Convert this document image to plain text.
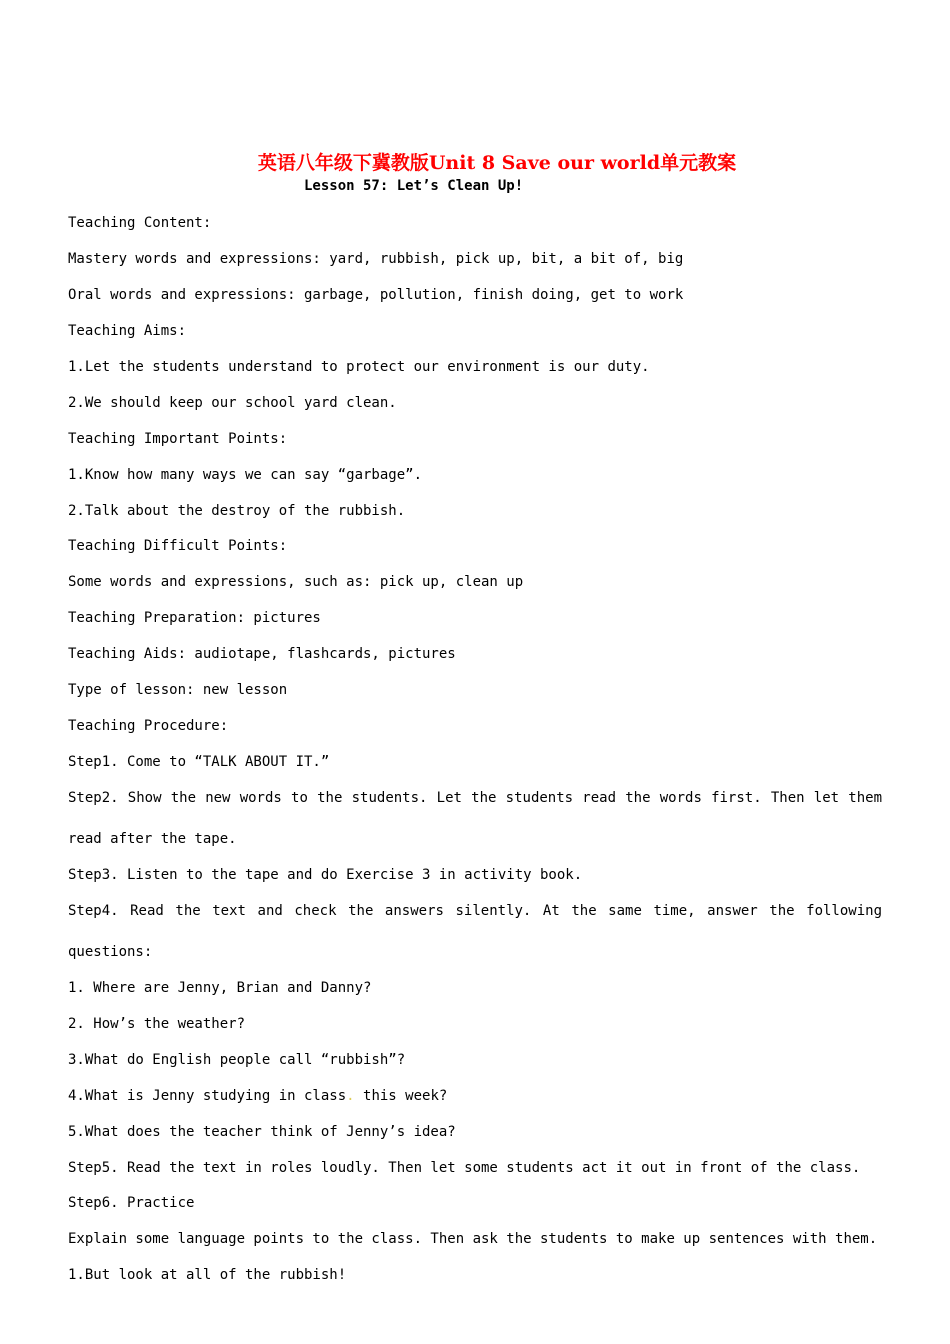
英语八年级下冀教版Unit 8 Save our world单元教案
Lesson 57: Let’s Clean Up!
Teaching Content:
Mastery words and expressions: yard, rubbish, pick up, bit, a bit of, big
Oral words and expressions: garbage, pollution, finish doing, get to work
Teaching Aims:
1.Let the students understand to protect our environment is our duty.
2.We should keep our school yard clean.
Teaching Important Points:
1.Know how many ways we can say “garbage”.
2.Talk about the destroy of the rubbish.
Teaching Difficult Points:
Some words and expressions, such as: pick up, clean up
Teaching Preparation: pictures
Teaching Aids: audiotape, flashcards, pictures
Type of lesson: new lesson
Teaching Procedure:
Step1. Come to “TALK ABOUT IT.”
Step2. Show the new words to the students. Let the students read the words first. Then let them
read after the tape.
Step3. Listen to the tape and do Exercise 3 in activity book.
Step4. Read the text and check the answers silently. At the same time, answer the following
questions:
1. Where are Jenny, Brian and Danny?
2. How’s the weather?
3.What do English people call “rubbish”?
4.What is Jenny studying in class. this week?
5.What does the teacher think of Jenny’s idea?
Step5. Read the text in roles loudly. Then let some students act it out in front of the class.
Step6. Practice
Explain some language points to the class. Then ask the students to make up sentences with them.
1.But look at all of the rubbish!
